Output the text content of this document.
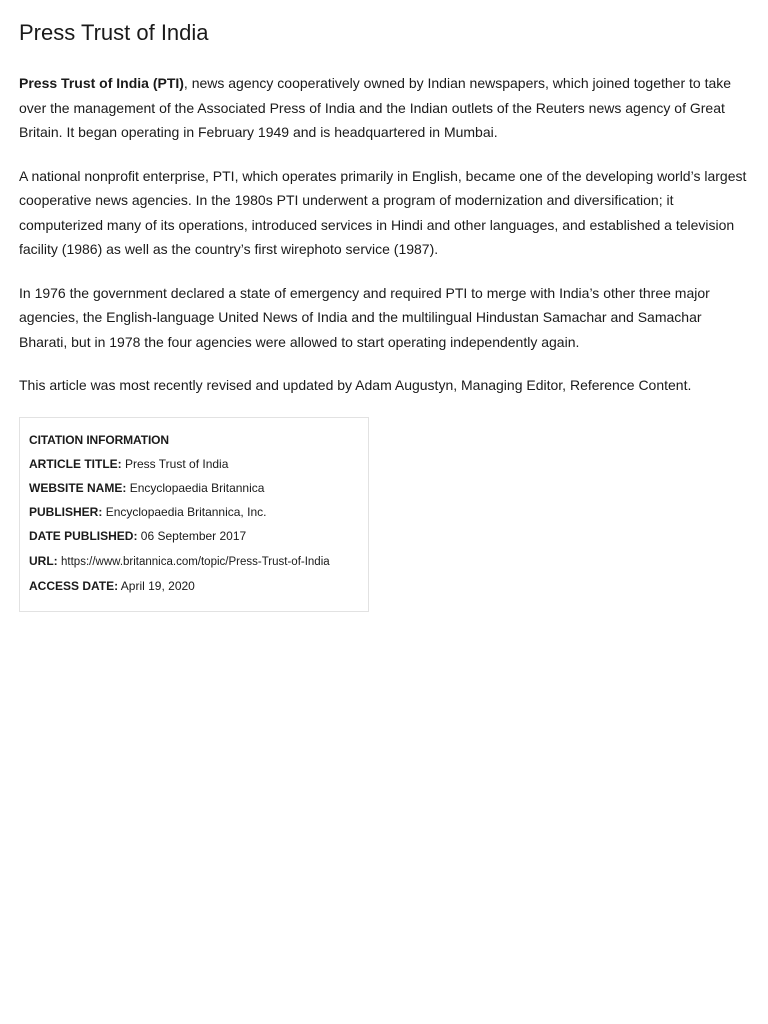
Press Trust of India

Press Trust of India (PTI), news agency cooperatively owned by Indian newspapers, which joined together to take over the management of the Associated Press of India and the Indian outlets of the Reuters news agency of Great Britain. It began operating in February 1949 and is headquartered in Mumbai.

A national nonprofit enterprise, PTI, which operates primarily in English, became one of the developing world’s largest cooperative news agencies. In the 1980s PTI underwent a program of modernization and diversification; it computerized many of its operations, introduced services in Hindi and other languages, and established a television facility (1986) as well as the country’s first wirephoto service (1987).

In 1976 the government declared a state of emergency and required PTI to merge with India’s other three major agencies, the English-language United News of India and the multilingual Hindustan Samachar and Samachar Bharati, but in 1978 the four agencies were allowed to start operating independently again.

This article was most recently revised and updated by Adam Augustyn, Managing Editor, Reference Content.

CITATION INFORMATION
ARTICLE TITLE: Press Trust of India
WEBSITE NAME: Encyclopaedia Britannica
PUBLISHER: Encyclopaedia Britannica, Inc.
DATE PUBLISHED: 06 September 2017
URL: https://www.britannica.com/topic/Press-Trust-of-India
ACCESS DATE: April 19, 2020
